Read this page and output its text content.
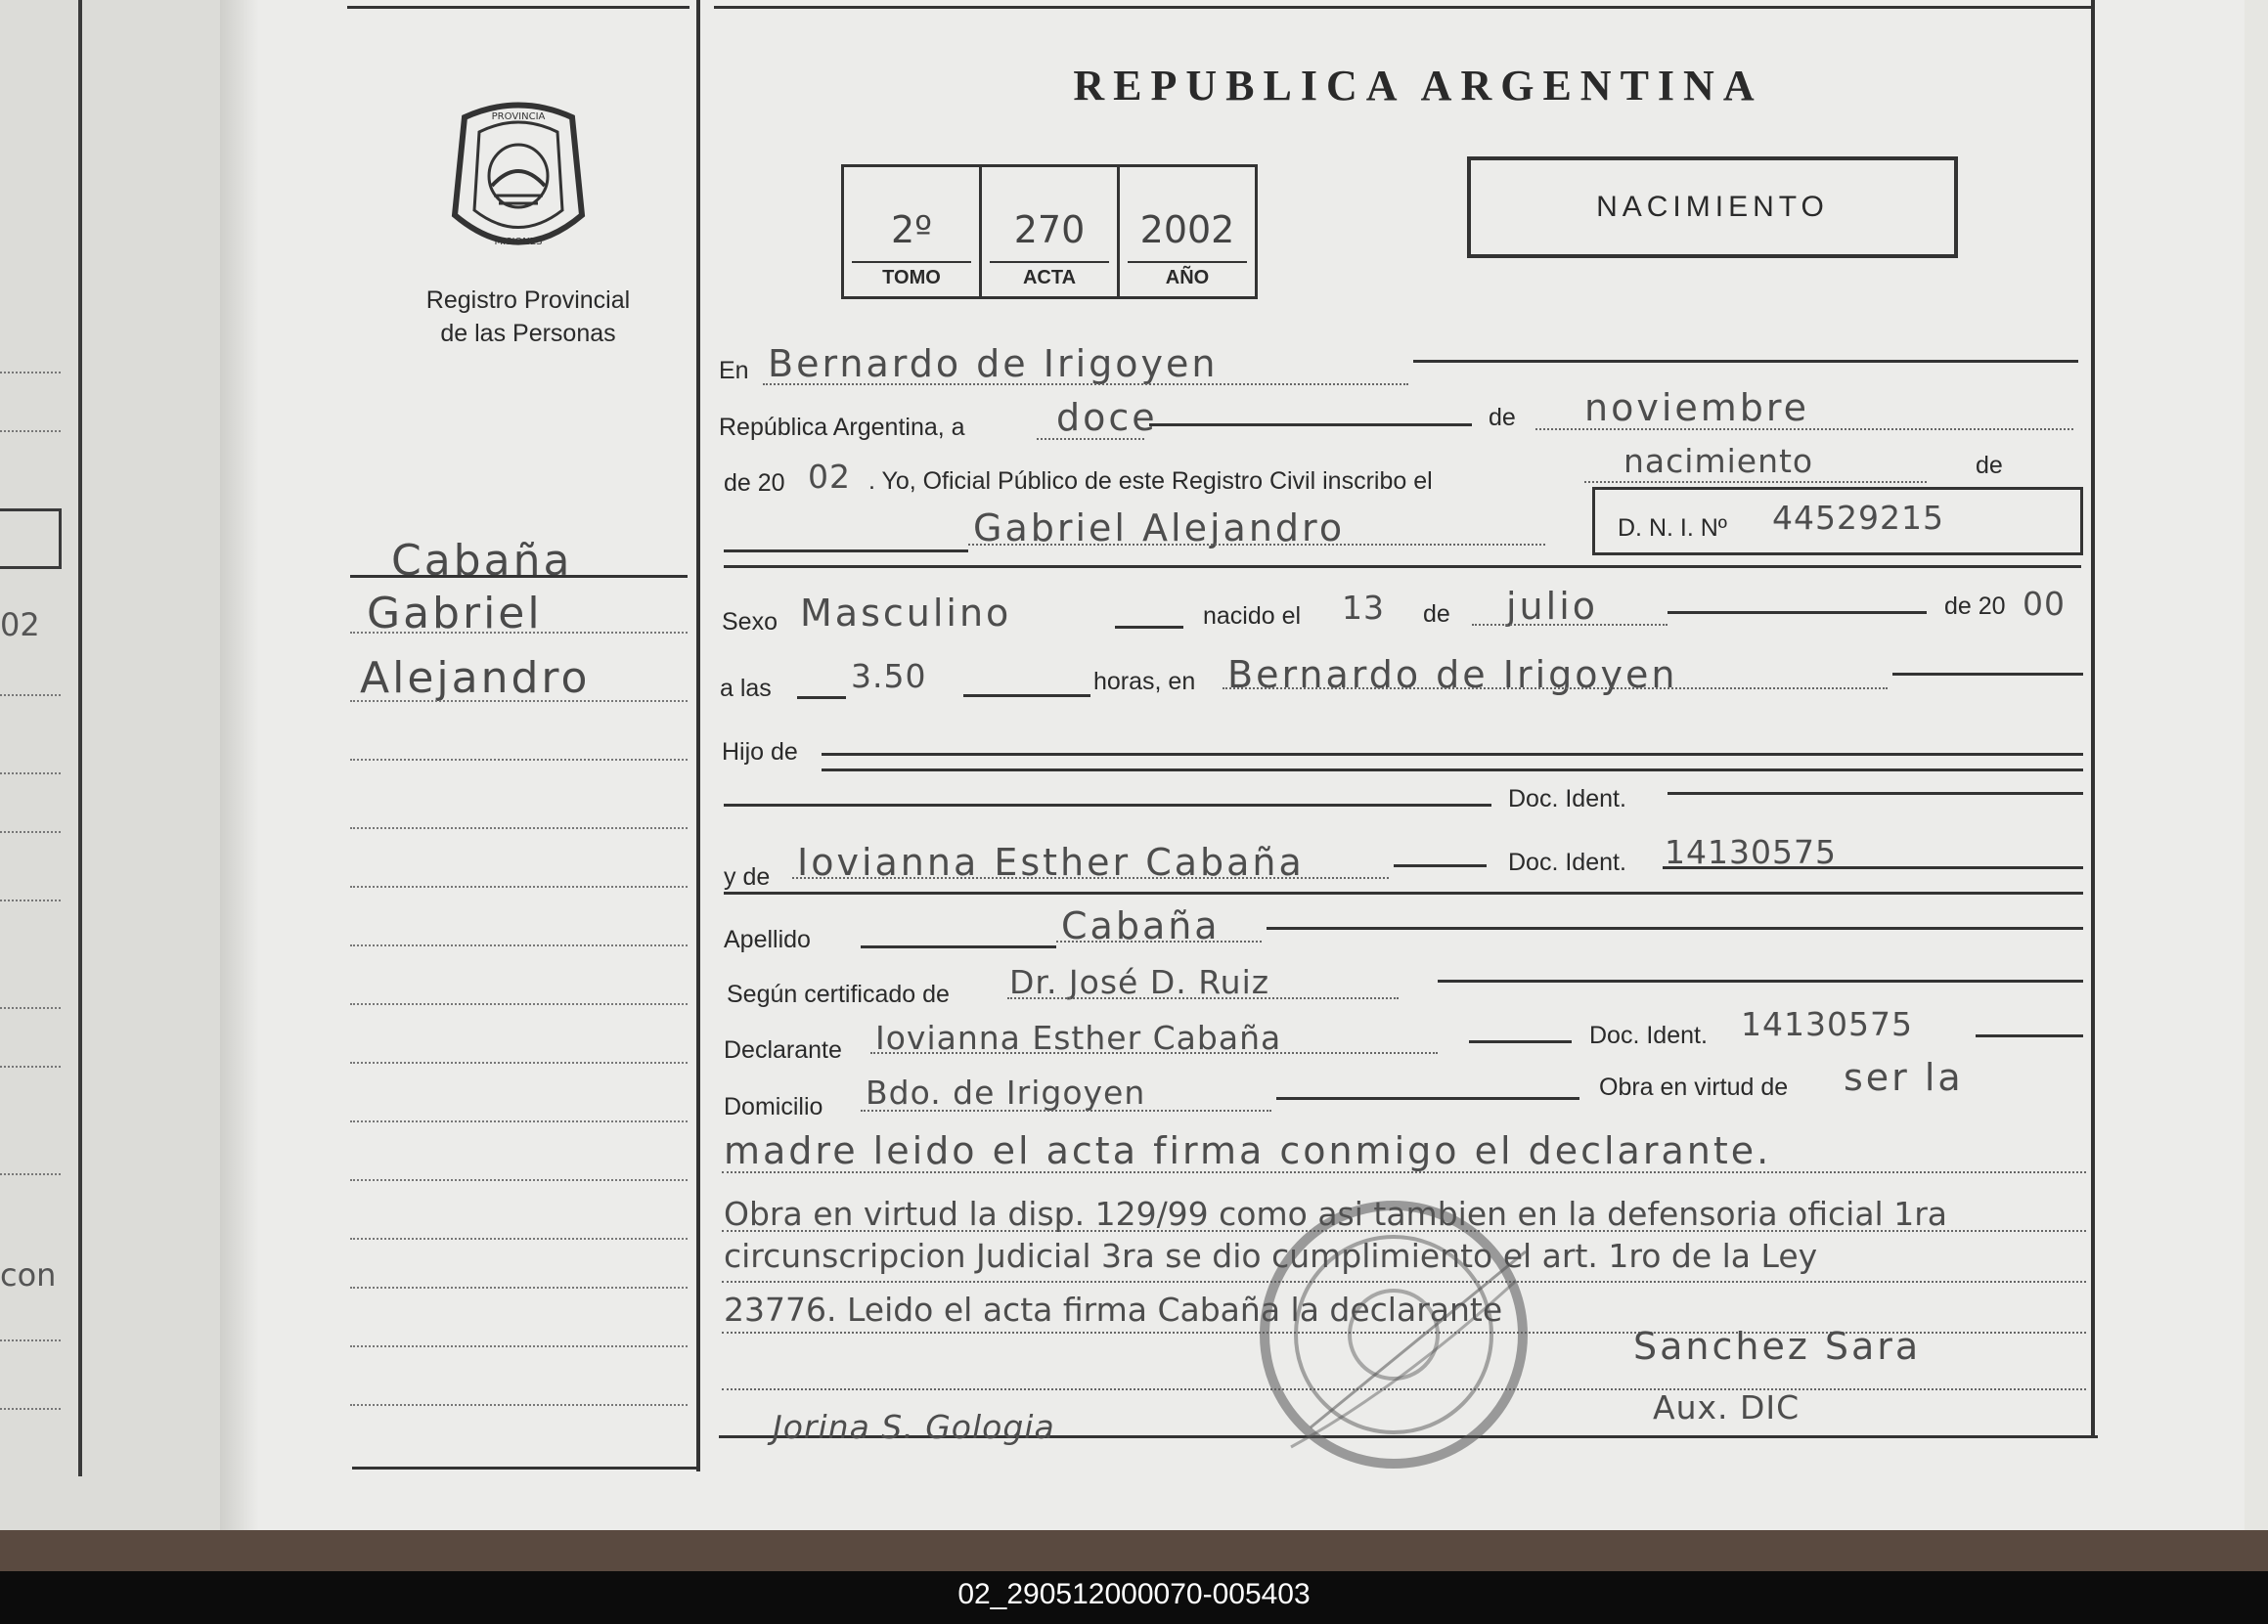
02_290512000070-005403
02
con
PROVINCIA
MISIONES
Registro Provincial
de las Personas
Cabaña
Gabriel
Alejandro
REPUBLICA ARGENTINA
2º
TOMO
270
ACTA
2002
AÑO
NACIMIENTO
En Bernardo de Irigoyen
República Argentina, a doce	de noviembre
de 20 02 . Yo, Oficial Público de este Registro Civil inscribo el
nacimiento	de
Gabriel Alejandro	D. N. I. Nº 44529215
Sexo Masculino	nacido el 13 de julio	de 20 00
a las 3.50	horas, en Bernardo de Irigoyen
Hijo de
Doc. Ident.
y de Iovianna Esther Cabaña	Doc. Ident. 14130575
Apellido	Cabaña
Según certificado de Dr. José D. Ruiz
Declarante Iovianna Esther Cabaña	Doc. Ident. 14130575
Domicilio Bdo. de Irigoyen	Obra en virtud de ser la
madre leido el acta firma conmigo el declarante.
Obra en virtud la disp. 129/99 como asi tambien en la defensoria oficial 1ra
circunscripcion Judicial 3ra se dio cumplimiento el art. 1ro de la Ley
23776. Leido el acta firma Cabaña la declarante
Sanchez Sara
Aux. DIC
Jorina S. Gologia
